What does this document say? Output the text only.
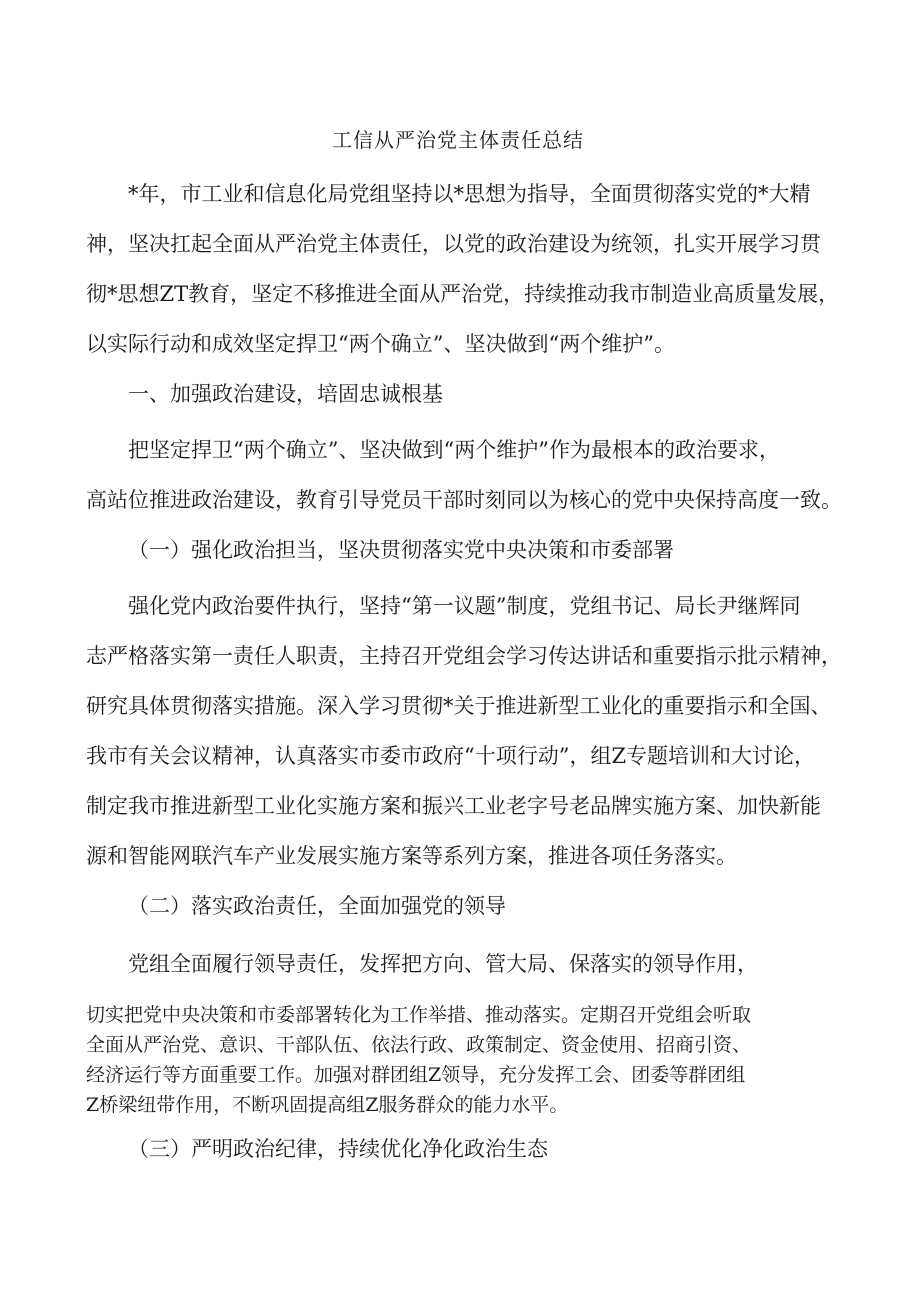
工信从严治党主体责任总结

*年，市工业和信息化局党组坚持以*思想为指导，全面贯彻落实党的*大精

神，坚决扛起全面从严治党主体责任，以党的政治建设为统领，扎实开展学习贯

彻*思想ZT教育，坚定不移推进全面从严治党，持续推动我市制造业高质量发展，

以实际行动和成效坚定捍卫“两个确立”、坚决做到“两个维护”。

一、加强政治建设，培固忠诚根基

把坚定捍卫“两个确立”、坚决做到“两个维护”作为最根本的政治要求，

高站位推进政治建设，教育引导党员干部时刻同以为核心的党中央保持高度一致。

（一）强化政治担当，坚决贯彻落实党中央决策和市委部署

强化党内政治要件执行，坚持“第一议题”制度，党组书记、局长尹继辉同

志严格落实第一责任人职责，主持召开党组会学习传达讲话和重要指示批示精神，

研究具体贯彻落实措施。深入学习贯彻*关于推进新型工业化的重要指示和全国、

我市有关会议精神，认真落实市委市政府“十项行动”，组Z专题培训和大讨论，

制定我市推进新型工业化实施方案和振兴工业老字号老品牌实施方案、加快新能

源和智能网联汽车产业发展实施方案等系列方案，推进各项任务落实。

（二）落实政治责任，全面加强党的领导

党组全面履行领导责任，发挥把方向、管大局、保落实的领导作用，

切实把党中央决策和市委部署转化为工作举措、推动落实。定期召开党组会听取

全面从严治党、意识、干部队伍、依法行政、政策制定、资金使用、招商引资、

经济运行等方面重要工作。加强对群团组Z领导，充分发挥工会、团委等群团组

Z桥梁纽带作用，不断巩固提高组Z服务群众的能力水平。

（三）严明政治纪律，持续优化净化政治生态
